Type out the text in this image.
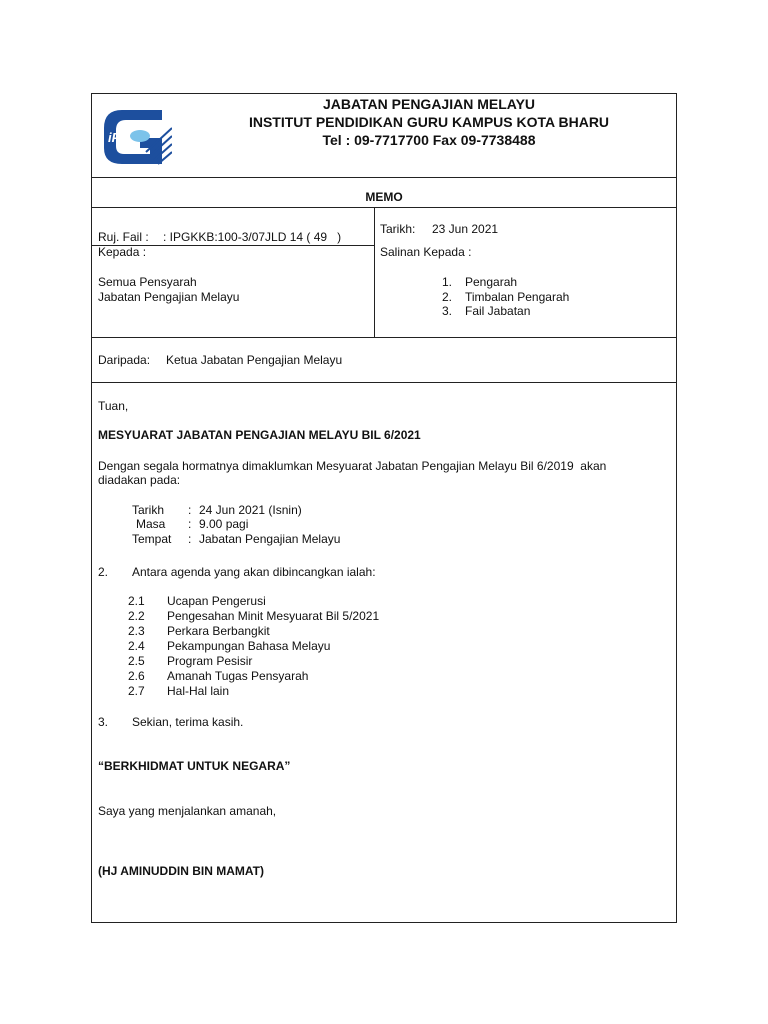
iPG
JABATAN PENGAJIAN MELAYU
INSTITUT PENDIDIKAN GURU KAMPUS KOTA BHARU
Tel : 09-7717700 Fax 09-7738488
MEMO
Ruj. Fail : : IPGKKB:100-3/07JLD 14 ( 49   )
Tarikh: 23 Jun 2021
Kepada :
Semua Pensyarah
Jabatan Pengajian Melayu
Salinan Kepada :
1. Pengarah
2. Timbalan Pengarah
3. Fail Jabatan
Daripada: Ketua Jabatan Pengajian Melayu
Tuan,
MESYUARAT JABATAN PENGAJIAN MELAYU BIL 6/2021
Dengan segala hormatnya dimaklumkan Mesyuarat Jabatan Pengajian Melayu Bil 6/2019  akan
diadakan pada:
Tarikh : 24 Jun 2021 (Isnin)
Masa : 9.00 pagi
Tempat : Jabatan Pengajian Melayu
2. Antara agenda yang akan dibincangkan ialah:
2.1 Ucapan Pengerusi
2.2 Pengesahan Minit Mesyuarat Bil 5/2021
2.3 Perkara Berbangkit
2.4 Pekampungan Bahasa Melayu
2.5 Program Pesisir
2.6 Amanah Tugas Pensyarah
2.7 Hal-Hal lain
3. Sekian, terima kasih.
“BERKHIDMAT UNTUK NEGARA”
Saya yang menjalankan amanah,
(HJ AMINUDDIN BIN MAMAT)
